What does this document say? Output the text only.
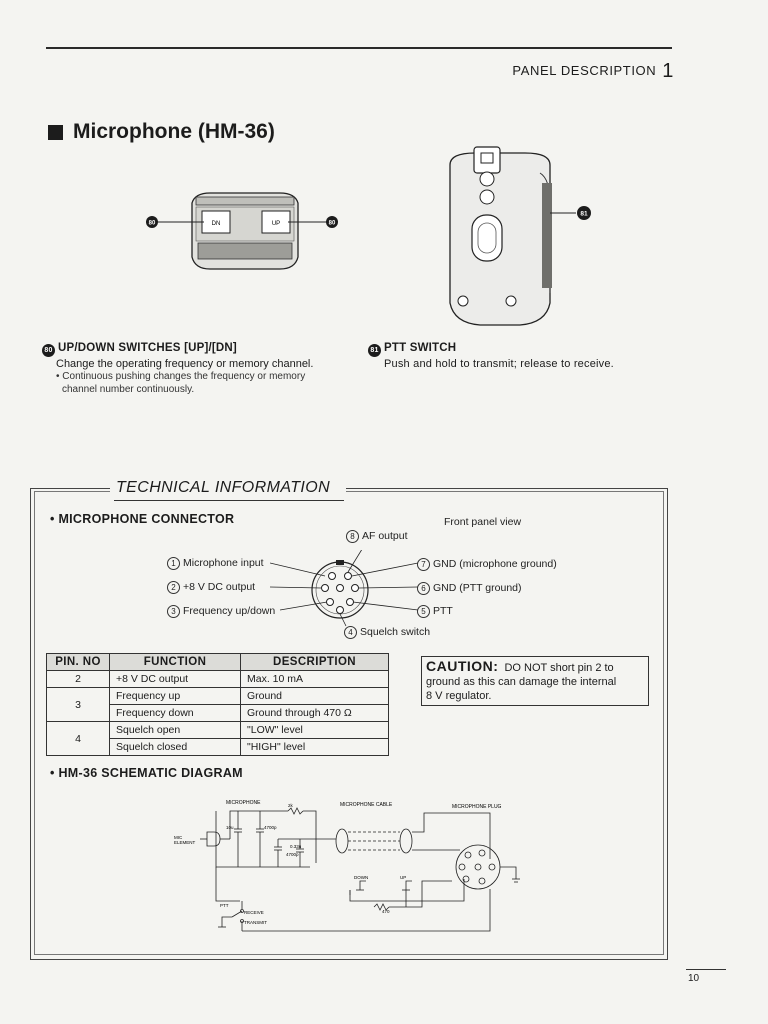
PANEL DESCRIPTION 1
Microphone (HM-36)
DN	UP
80	80
81
80 UP/DOWN SWITCHES [UP]/[DN]
Change the operating frequency or memory channel.
• Continuous pushing changes the frequency or memory
channel number continuously.
81 PTT SWITCH
Push and hold to transmit; release to receive.
TECHNICAL INFORMATION
• MICROPHONE CONNECTOR	Front panel view
8 AF output
1 Microphone input
2 +8 V DC output
3 Frequency up/down
4 Squelch switch
7 GND (microphone ground)
6 GND (PTT ground)
5 PTT
PIN. NO	FUNCTION	DESCRIPTION
2	+8 V DC output	Max. 10 mA
3	Frequency up	Ground
	Frequency down	Ground through 470 Ω
4	Squelch open	"LOW" level
	Squelch closed	"HIGH" level
CAUTION: DO NOT short pin 2 to
ground as this can damage the internal
8 V regulator.
• HM-36 SCHEMATIC DIAGRAM
MICROPHONE	2k	MICROPHONE CABLE	MICROPHONE PLUG
MIC
ELEMENT
10u	4700p
0.33u
4700p
DOWN	UP
470
PTT
RECEIVE
TRANSMIT
10
